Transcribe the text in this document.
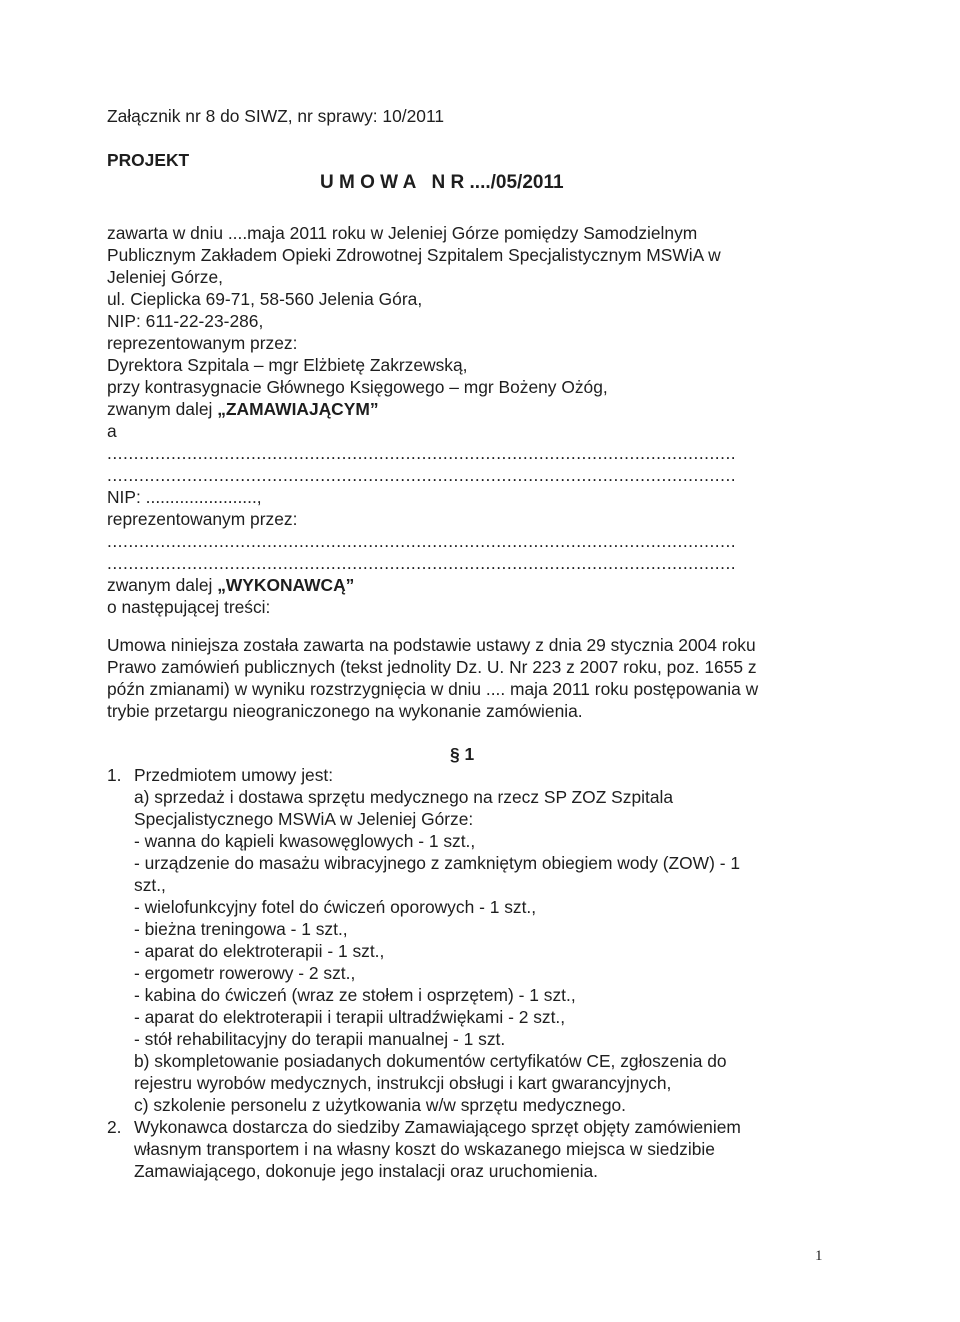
Załącznik nr 8 do SIWZ, nr sprawy: 10/2011
PROJEKT
U M O W A   N R ..../05/2011
zawarta w dniu ....maja 2011 roku w Jeleniej Górze pomiędzy Samodzielnym
Publicznym Zakładem Opieki Zdrowotnej Szpitalem Specjalistycznym MSWiA w
Jeleniej Górze,
ul. Cieplicka 69-71, 58-560 Jelenia Góra,
NIP: 611-22-23-286,
reprezentowanym przez:
Dyrektora Szpitala – mgr Elżbietę Zakrzewską,
przy kontrasygnacie Głównego Księgowego – mgr Bożeny Ożóg,
zwanym dalej „ZAMAWIAJĄCYM”
a
......................................................................................................................
......................................................................................................................
NIP: .......................,
reprezentowanym przez:
......................................................................................................................
......................................................................................................................
zwanym dalej „WYKONAWCĄ”
o następującej treści:
Umowa niniejsza została zawarta na podstawie ustawy z dnia 29 stycznia 2004 roku
Prawo zamówień publicznych (tekst jednolity Dz. U. Nr 223 z 2007 roku, poz. 1655 z
późn zmianami) w wyniku rozstrzygnięcia w dniu .... maja 2011 roku postępowania w
trybie przetargu nieograniczonego na wykonanie zamówienia.
§ 1
1. Przedmiotem umowy jest:
a) sprzedaż i dostawa sprzętu medycznego na rzecz SP ZOZ Szpitala
Specjalistycznego MSWiA w Jeleniej Górze:
- wanna do kąpieli kwasowęglowych - 1 szt.,
- urządzenie do masażu wibracyjnego z zamkniętym obiegiem wody (ZOW) - 1
szt.,
- wielofunkcyjny fotel do ćwiczeń oporowych - 1 szt.,
- bieżna treningowa - 1 szt.,
- aparat do elektroterapii - 1 szt.,
- ergometr rowerowy - 2 szt.,
- kabina do ćwiczeń (wraz ze stołem i osprzętem) - 1 szt.,
- aparat do elektroterapii i terapii ultradźwiękami - 2 szt.,
- stół rehabilitacyjny do terapii manualnej - 1 szt.
b) skompletowanie posiadanych dokumentów certyfikatów CE, zgłoszenia do
rejestru wyrobów medycznych, instrukcji obsługi i kart gwarancyjnych,
c) szkolenie personelu z użytkowania w/w sprzętu medycznego.
2. Wykonawca dostarcza do siedziby Zamawiającego sprzęt objęty zamówieniem
własnym transportem i na własny koszt do wskazanego miejsca w siedzibie
Zamawiającego, dokonuje jego instalacji oraz uruchomienia.
1
